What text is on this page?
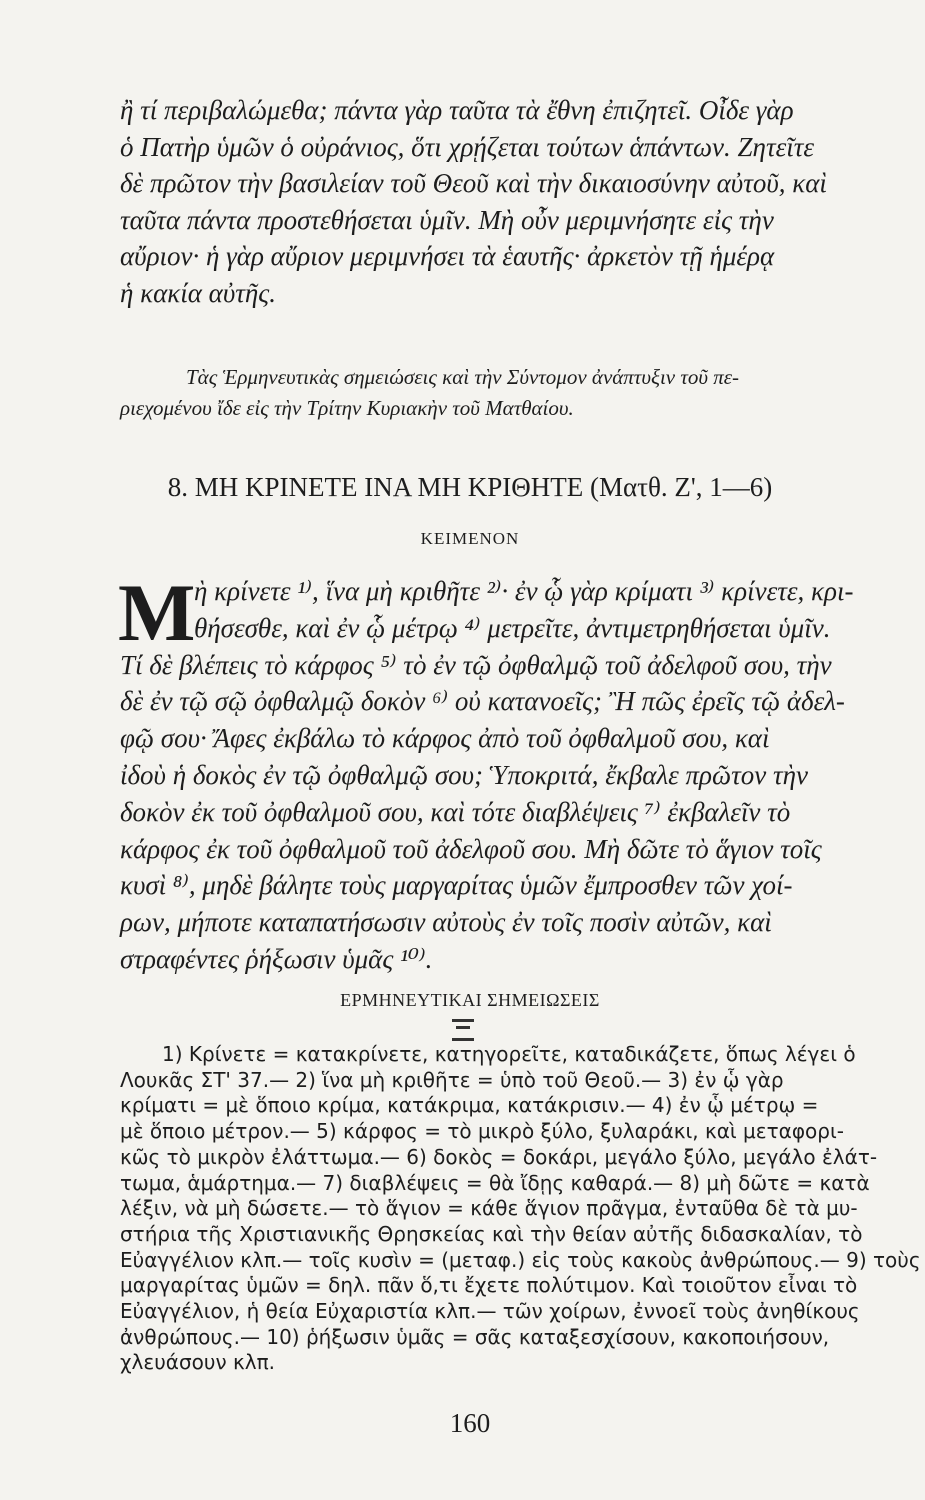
ἢ τί περιβαλώμεθα; πάντα γὰρ ταῦτα τὰ ἔθνη ἐπιζητεῖ. Οἶδε γὰρ
ὁ Πατὴρ ὑμῶν ὁ οὐράνιος, ὅτι χρῄζεται τούτων ἁπάντων. Ζητεῖτε
δὲ πρῶτον τὴν βασιλείαν τοῦ Θεοῦ καὶ τὴν δικαιοσύνην αὐτοῦ, καὶ
ταῦτα πάντα προστεθήσεται ὑμῖν. Μὴ οὖν μεριμνήσητε εἰς τὴν
αὔριον· ἡ γὰρ αὔριον μεριμνήσει τὰ ἑαυτῆς· ἀρκετὸν τῇ ἡμέρᾳ
ἡ κακία αὐτῆς.
Τὰς Ἑρμηνευτικὰς σημειώσεις καὶ τὴν Σύντομον ἀνάπτυξιν τοῦ πε-
ριεχομένου ἴδε εἰς τὴν Τρίτην Κυριακὴν τοῦ Ματθαίου.
8. ΜΗ ΚΡΙΝΕΤΕ ΙΝΑ ΜΗ ΚΡΙΘΗΤΕ (Ματθ. Ζ', 1—6)
ΚΕΙΜΕΝΟΝ
Μ
ὴ κρίνετε ¹⁾, ἵνα μὴ κριθῆτε ²⁾· ἐν ᾧ γὰρ κρίματι ³⁾ κρίνετε, κρι-
θήσεσθε, καὶ ἐν ᾧ μέτρῳ ⁴⁾ μετρεῖτε, ἀντιμετρηθήσεται ὑμῖν.
Τί δὲ βλέπεις τὸ κάρφος ⁵⁾ τὸ ἐν τῷ ὀφθαλμῷ τοῦ ἀδελφοῦ σου, τὴν
δὲ ἐν τῷ σῷ ὀφθαλμῷ δοκὸν ⁶⁾ οὐ κατανοεῖς; Ἢ πῶς ἐρεῖς τῷ ἀδελ-
φῷ σου· Ἄφες ἐκβάλω τὸ κάρφος ἀπὸ τοῦ ὀφθαλμοῦ σου, καὶ
ἰδοὺ ἡ δοκὸς ἐν τῷ ὀφθαλμῷ σου; Ὑποκριτά, ἔκβαλε πρῶτον τὴν
δοκὸν ἐκ τοῦ ὀφθαλμοῦ σου, καὶ τότε διαβλέψεις ⁷⁾ ἐκβαλεῖν τὸ
κάρφος ἐκ τοῦ ὀφθαλμοῦ τοῦ ἀδελφοῦ σου. Μὴ δῶτε τὸ ἅγιον τοῖς
κυσὶ ⁸⁾, μηδὲ βάλητε τοὺς μαργαρίτας ὑμῶν ἔμπροσθεν τῶν χοί-
ρων, μήποτε καταπατήσωσιν αὐτοὺς ἐν τοῖς ποσὶν αὐτῶν, καὶ
στραφέντες ῥήξωσιν ὑμᾶς ¹⁰⁾.
ΕΡΜΗΝΕΥΤΙΚΑΙ ΣΗΜΕΙΩΣΕΙΣ
1) Κρίνετε = κατακρίνετε, κατηγορεῖτε, καταδικάζετε, ὅπως λέγει ὁ
Λουκᾶς ΣΤ' 37.— 2) ἵνα μὴ κριθῆτε = ὑπὸ τοῦ Θεοῦ.— 3) ἐν ᾧ γὰρ
κρίματι = μὲ ὅποιο κρίμα, κατάκριμα, κατάκρισιν.— 4) ἐν ᾧ μέτρῳ =
μὲ ὅποιο μέτρον.— 5) κάρφος = τὸ μικρὸ ξύλο, ξυλαράκι, καὶ μεταφορι-
κῶς τὸ μικρὸν ἐλάττωμα.— 6) δοκὸς = δοκάρι, μεγάλο ξύλο, μεγάλο ἐλάτ-
τωμα, ἁμάρτημα.— 7) διαβλέψεις = θὰ ἴδῃς καθαρά.— 8) μὴ δῶτε = κατὰ
λέξιν, νὰ μὴ δώσετε.— τὸ ἅγιον = κάθε ἅγιον πρᾶγμα, ἐνταῦθα δὲ τὰ μυ-
στήρια τῆς Χριστιανικῆς Θρησκείας καὶ τὴν θείαν αὐτῆς διδασκαλίαν, τὸ
Εὐαγγέλιον κλπ.— τοῖς κυσὶν = (μεταφ.) εἰς τοὺς κακοὺς ἀνθρώπους.— 9) τοὺς
μαργαρίτας ὑμῶν = δηλ. πᾶν ὅ,τι ἔχετε πολύτιμον. Καὶ τοιοῦτον εἶναι τὸ
Εὐαγγέλιον, ἡ θεία Εὐχαριστία κλπ.— τῶν χοίρων, ἐννοεῖ τοὺς ἀνηθίκους
ἀνθρώπους.— 10) ῥήξωσιν ὑμᾶς = σᾶς καταξεσχίσουν, κακοποιήσουν,
χλευάσουν κλπ.
160
